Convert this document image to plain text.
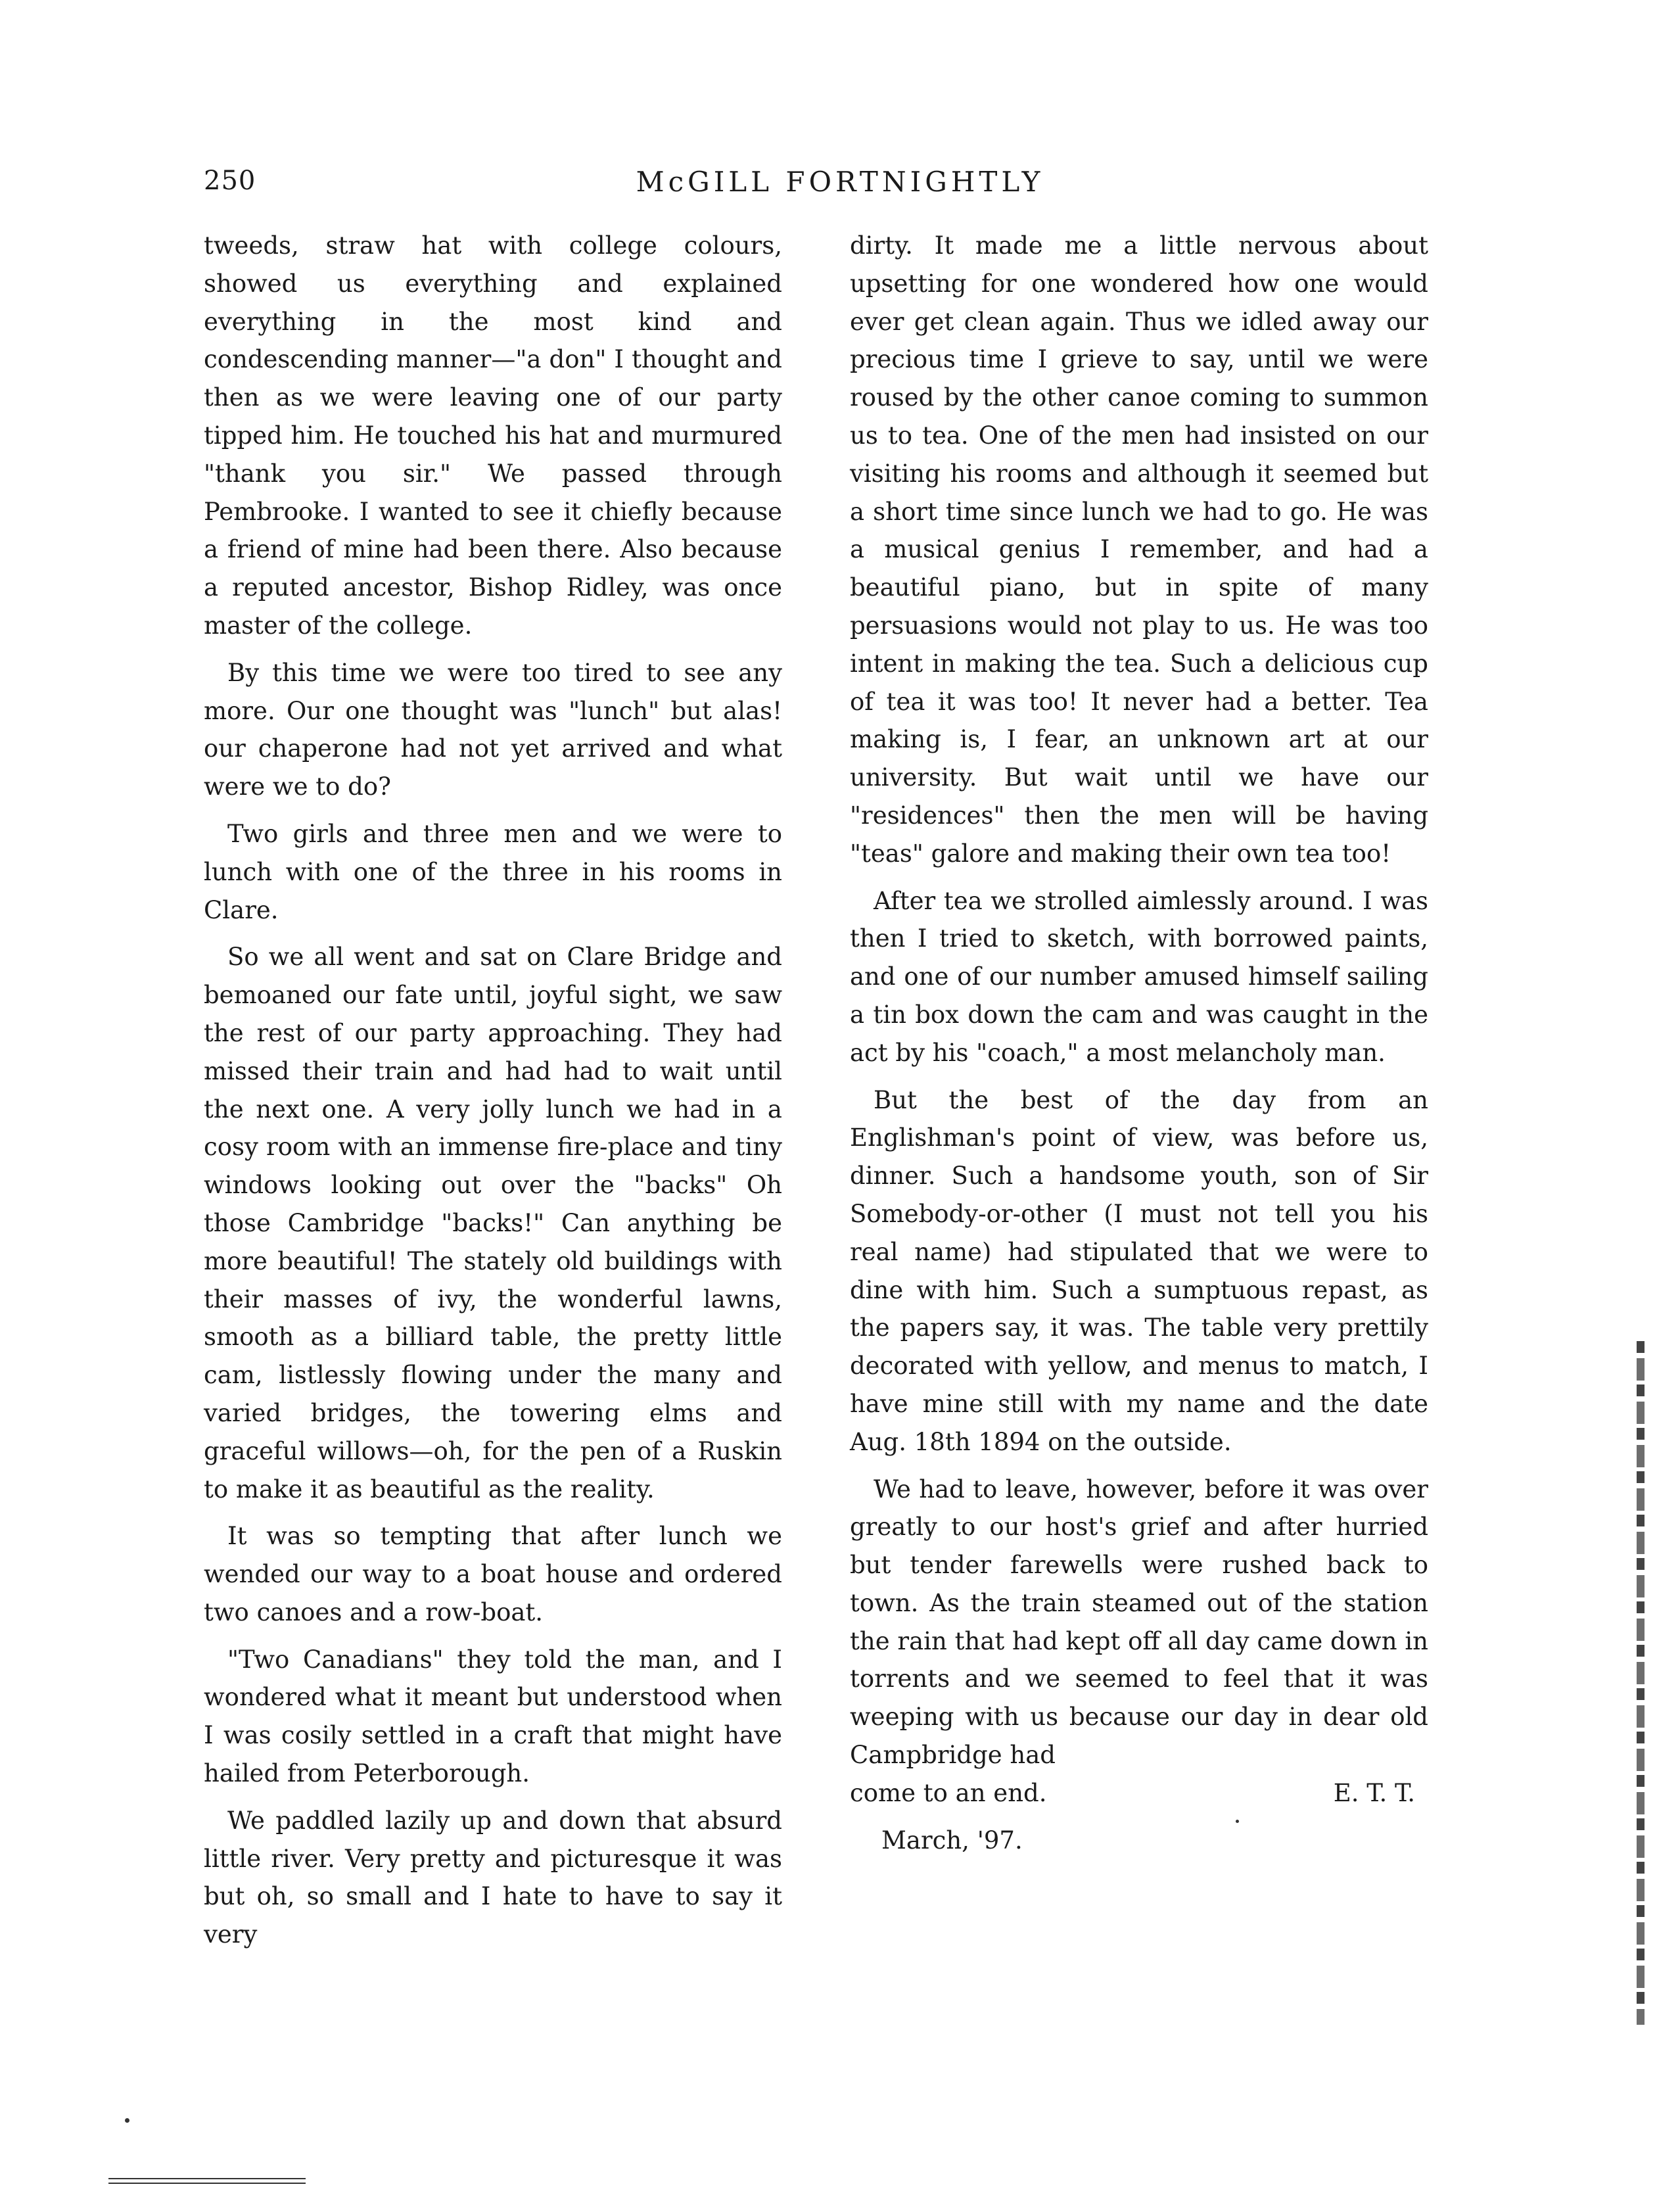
250	McGILL FORTNIGHTLY

tweeds, straw hat with college colours, showed us everything and explained everything in the most kind and condescending manner—"a don" I thought and then as we were leaving one of our party tipped him. He touched his hat and murmured "thank you sir." We passed through Pembrooke. I wanted to see it chiefly because a friend of mine had been there. Also because a reputed ancestor, Bishop Ridley, was once master of the college.

By this time we were too tired to see any more. Our one thought was "lunch" but alas! our chaperone had not yet arrived and what were we to do?

Two girls and three men and we were to lunch with one of the three in his rooms in Clare.

So we all went and sat on Clare Bridge and bemoaned our fate until, joyful sight, we saw the rest of our party approaching. They had missed their train and had had to wait until the next one. A very jolly lunch we had in a cosy room with an immense fire-place and tiny windows looking out over the "backs" Oh those Cambridge "backs!" Can anything be more beautiful! The stately old buildings with their masses of ivy, the wonderful lawns, smooth as a billiard table, the pretty little cam, listlessly flowing under the many and varied bridges, the towering elms and graceful willows—oh, for the pen of a Ruskin to make it as beautiful as the reality.

It was so tempting that after lunch we wended our way to a boat house and ordered two canoes and a row-boat.

"Two Canadians" they told the man, and I wondered what it meant but understood when I was cosily settled in a craft that might have hailed from Peterborough.

We paddled lazily up and down that absurd little river. Very pretty and picturesque it was but oh, so small and I hate to have to say it very

dirty. It made me a little nervous about upsetting for one wondered how one would ever get clean again. Thus we idled away our precious time I grieve to say, until we were roused by the other canoe coming to summon us to tea. One of the men had insisted on our visiting his rooms and although it seemed but a short time since lunch we had to go. He was a musical genius I remember, and had a beautiful piano, but in spite of many persuasions would not play to us. He was too intent in making the tea. Such a delicious cup of tea it was too! It never had a better. Tea making is, I fear, an unknown art at our university. But wait until we have our "residences" then the men will be having "teas" galore and making their own tea too!

After tea we strolled aimlessly around. I was then I tried to sketch, with borrowed paints, and one of our number amused himself sailing a tin box down the cam and was caught in the act by his "coach," a most melancholy man.

But the best of the day from an Englishman's point of view, was before us, dinner. Such a handsome youth, son of Sir Somebody-or-other (I must not tell you his real name) had stipulated that we were to dine with him. Such a sumptuous repast, as the papers say, it was. The table very prettily decorated with yellow, and menus to match, I have mine still with my name and the date Aug. 18th 1894 on the outside.

We had to leave, however, before it was over greatly to our host's grief and after hurried but tender farewells were rushed back to town. As the train steamed out of the station the rain that had kept off all day came down in torrents and we seemed to feel that it was weeping with us because our day in dear old Campbridge had

come to an end.	E. T. T.
March, '97.
